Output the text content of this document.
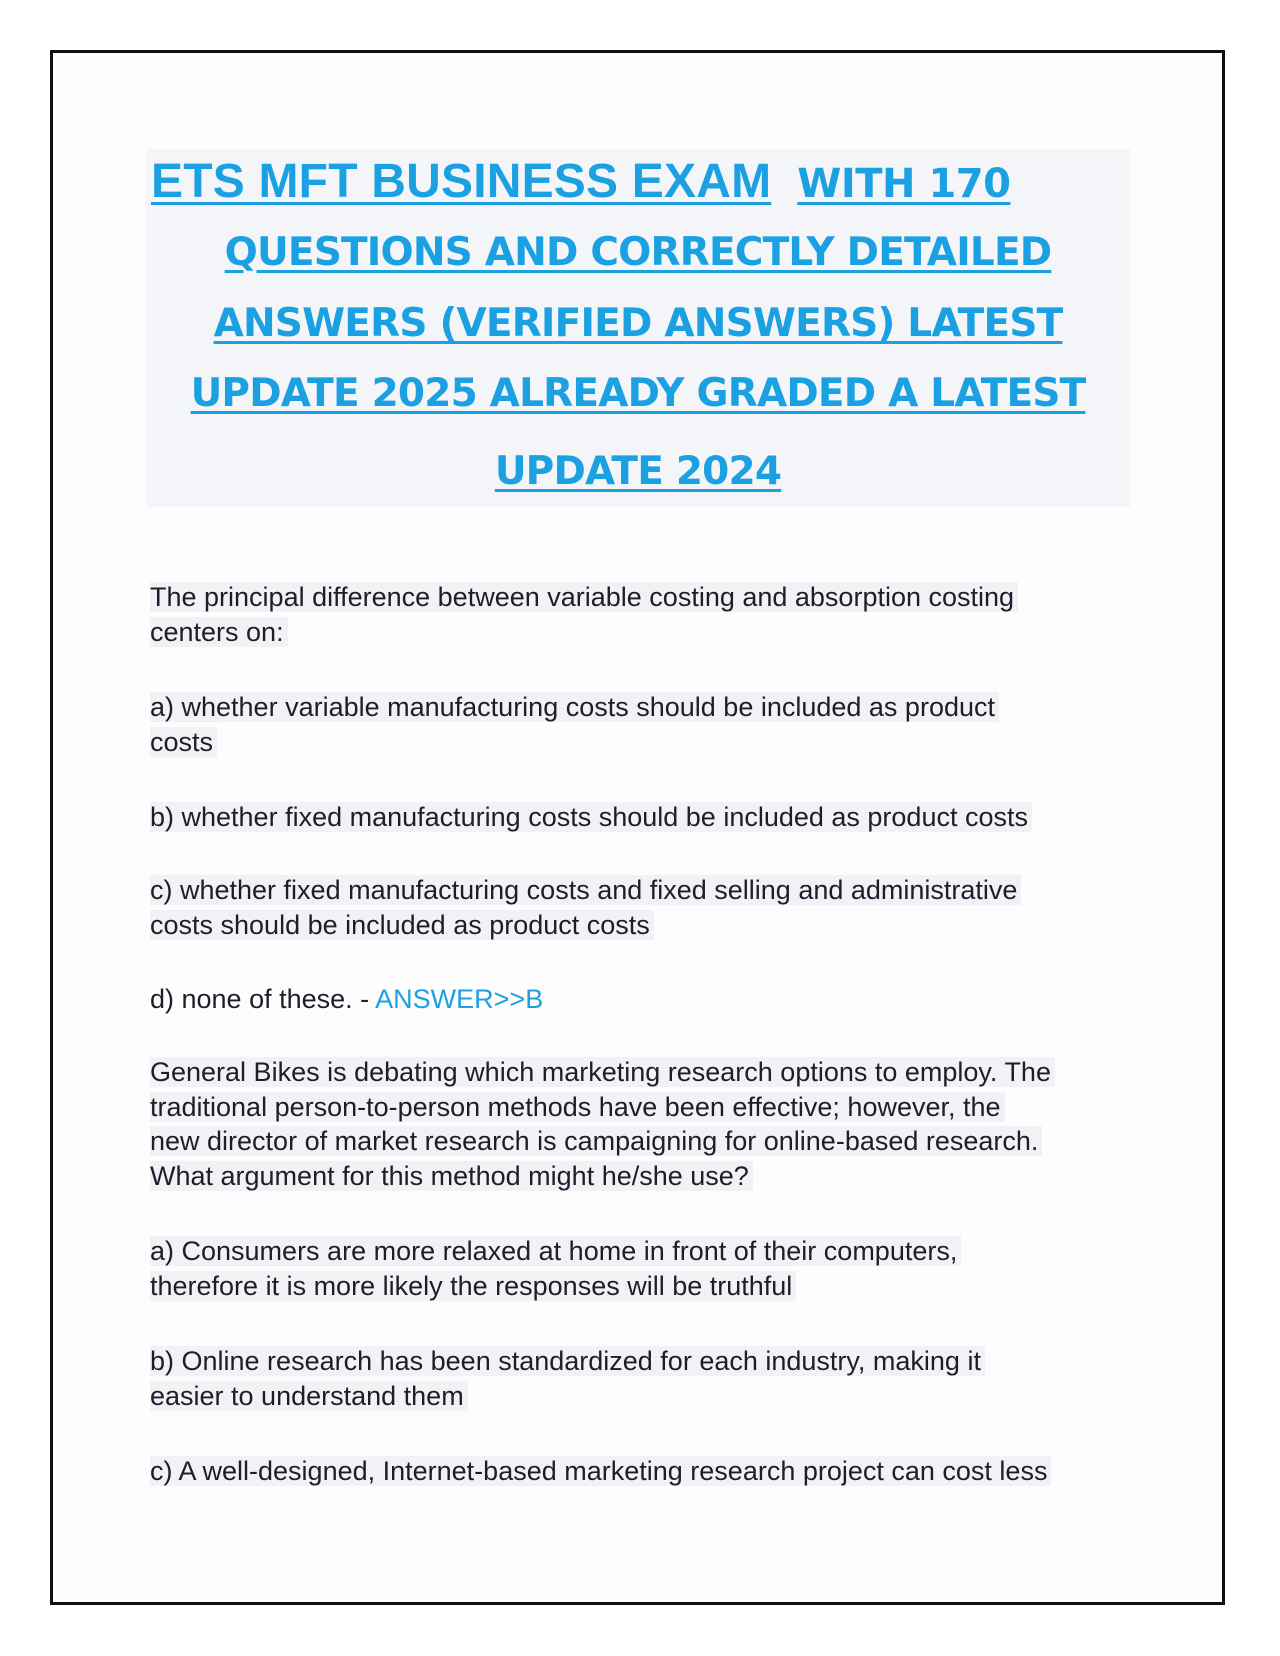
ETS MFT BUSINESS EXAM WITH 170
QUESTIONS AND CORRECTLY DETAILED
ANSWERS (VERIFIED ANSWERS) LATEST
UPDATE 2025 ALREADY GRADED A LATEST
UPDATE 2024
The principal difference between variable costing and absorption costing
centers on:
a) whether variable manufacturing costs should be included as product
costs
b) whether fixed manufacturing costs should be included as product costs
c) whether fixed manufacturing costs and fixed selling and administrative
costs should be included as product costs
d) none of these. - ANSWER>>B
General Bikes is debating which marketing research options to employ. The
traditional person-to-person methods have been effective; however, the
new director of market research is campaigning for online-based research.
What argument for this method might he/she use?
a) Consumers are more relaxed at home in front of their computers,
therefore it is more likely the responses will be truthful
b) Online research has been standardized for each industry, making it
easier to understand them
c) A well-designed, Internet-based marketing research project can cost less
